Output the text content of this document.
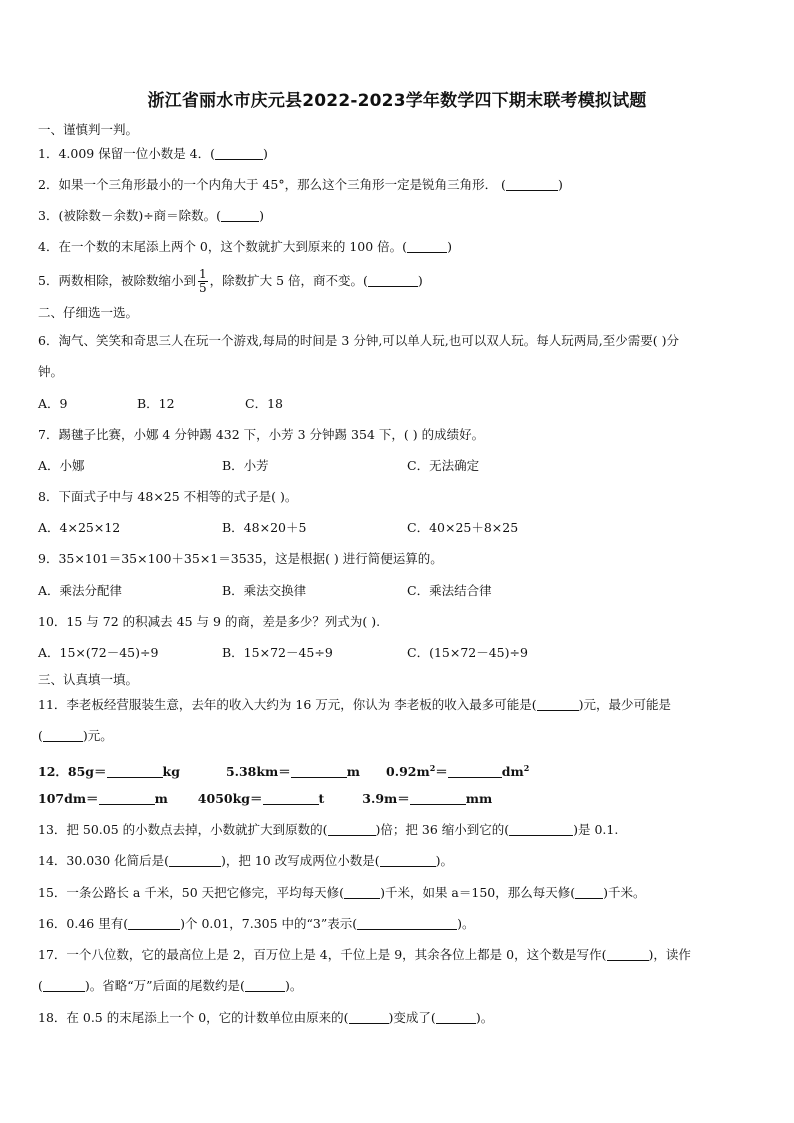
浙江省丽水市庆元县2022-2023学年数学四下期末联考模拟试题
一、谨慎判一判。
1．4.009 保留一位小数是 4．(	)
2．如果一个三角形最小的一个内角大于 45°，那么这个三角形一定是锐角三角形． (	)
3．(被除数－余数)÷商＝除数。(	)
4．在一个数的末尾添上两个 0，这个数就扩大到原来的 100 倍。(	)
5．两数相除，被除数缩小到 $\frac{1}{5}$ ，除数扩大 5 倍，商不变。(	)
二、仔细选一选。
6．淘气、笑笑和奇思三人在玩一个游戏,每局的时间是 3 分钟,可以单人玩,也可以双人玩。每人玩两局,至少需要( )分
钟。
A．9	B．12	C．18
7．踢毽子比赛，小娜 4 分钟踢 432 下，小芳 3 分钟踢 354 下，( ) 的成绩好。
A．小娜	B．小芳	C．无法确定
8．下面式子中与 48×25 不相等的式子是( )。
A．4×25×12	B．48×20＋5	C．40×25＋8×25
9．35×101＝35×100＋35×1＝3535，这是根据( ) 进行简便运算的。
A．乘法分配律	B．乘法交换律	C．乘法结合律
10．15 与 72 的积减去 45 与 9 的商，差是多少？列式为( ).
A．15×(72－45)÷9	B．15×72－45÷9	C．(15×72－45)÷9
三、认真填一填。
11．李老板经营服装生意，去年的收入大约为 16 万元，你认为 李老板的收入最多可能是(	)元，最少可能是
(	)元。
12．85g＝	kg	5.38km＝	m $0.92m^2=$	$dm^2$
107dm＝	m 4050kg＝	t	3.9m＝	mm
13．把 50.05 的小数点去掉，小数就扩大到原数的(	)倍；把 36 缩小到它的(	)是 0.1.
14．30.030 化简后是(	)，把 10 改写成两位小数是(	)。
15．一条公路长 a 千米，50 天把它修完，平均每天修(	)千米，如果 a＝150，那么每天修( )千米。
16．0.46 里有(	)个 0.01，7.305 中的“3”表示(	)。
17．一个八位数，它的最高位上是 2，百万位上是 4，千位上是 9，其余各位上都是 0，这个数是写作(	)，读作
(	)。省略“万”后面的尾数约是(	)。
18．在 0.5 的末尾添上一个 0，它的计数单位由原来的(	)变成了(	)。
